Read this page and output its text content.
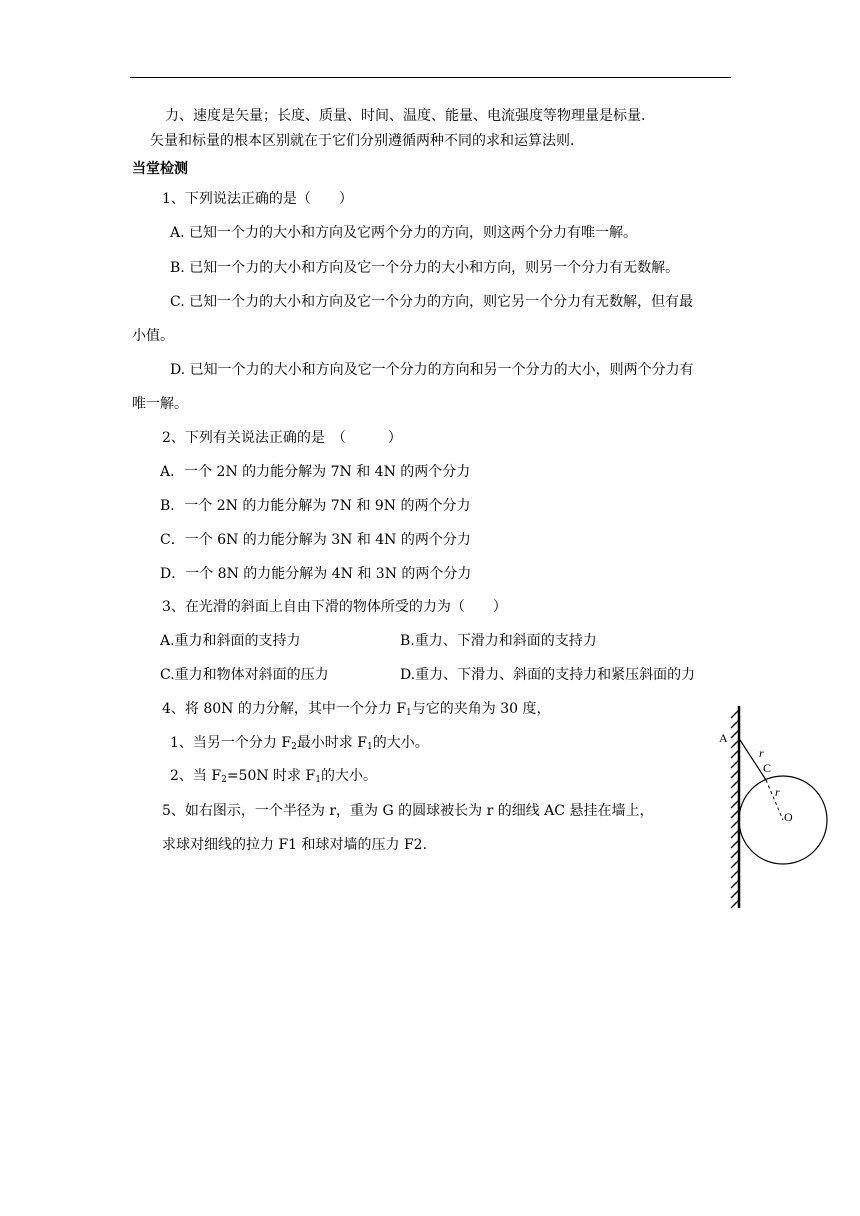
力、速度是矢量；长度、质量、时间、温度、能量、电流强度等物理量是标量.
矢量和标量的根本区别就在于它们分别遵循两种不同的求和运算法则.
当堂检测
1、下列说法正确的是（　　）
A. 已知一个力的大小和方向及它两个分力的方向，则这两个分力有唯一解。
B. 已知一个力的大小和方向及它一个分力的大小和方向，则另一个分力有无数解。
C. 已知一个力的大小和方向及它一个分力的方向，则它另一个分力有无数解，但有最
小值。
D. 已知一个力的大小和方向及它一个分力的方向和另一个分力的大小，则两个分力有
唯一解。
2、下列有关说法正确的是　（　　　）
A．一个 2N 的力能分解为 7N 和 4N 的两个分力
B．一个 2N 的力能分解为 7N 和 9N 的两个分力
C．一个 6N 的力能分解为 3N 和 4N 的两个分力
D．一个 8N 的力能分解为 4N 和 3N 的两个分力
3、在光滑的斜面上自由下滑的物体所受的力为（　　）
A.重力和斜面的支持力	B.重力、下滑力和斜面的支持力
C.重力和物体对斜面的压力	D.重力、下滑力、斜面的支持力和紧压斜面的力
4、将 80N 的力分解，其中一个分力 $F_1$与它的夹角为 30 度，
1、当另一个分力 $F_2$最小时求 $F_1$的大小。
2、当 $F_2=50N$ 时求 $F_1$的大小。
5、如右图示，一个半径为 r，重为 G 的圆球被长为 r 的细线 AC 悬挂在墙上，
求球对细线的拉力 F1 和球对墙的压力 F2.
A
r
C
r
O
